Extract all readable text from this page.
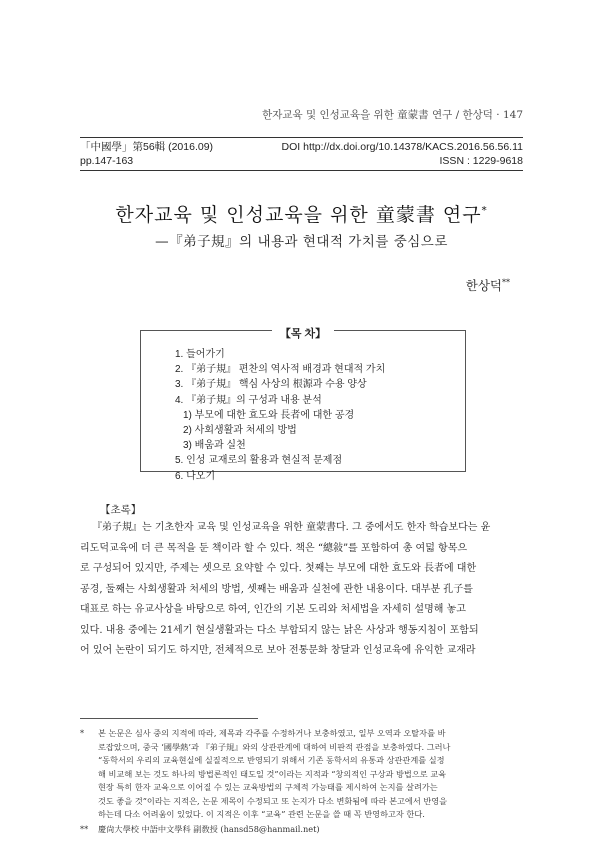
한자교육 및 인성교육을 위한 童蒙書 연구 / 한상덕 · 147
「中國學」第56輯 (2016.09)	DOI http://dx.doi.org/10.14378/KACS.2016.56.56.11
pp.147-163	ISSN : 1229-9618
한자교육 및 인성교육을 위한 童蒙書 연구*
—『弟子規』의 내용과 현대적 가치를 중심으로
한상덕**
【목 차】
1. 들어가기
2. 『弟子規』 편찬의 역사적 배경과 현대적 가치
3. 『弟子規』 핵심 사상의 根源과 수용 양상
4. 『弟子規』의 구성과 내용 분석
1) 부모에 대한 효도와 長者에 대한 공경
2) 사회생활과 처세의 방법
3) 배움과 실천
5. 인성 교재로의 활용과 현실적 문제점
6. 나오기
【초록】
『弟子規』는 기초한자 교육 및 인성교육을 위한 童蒙書다. 그 중에서도 한자 학습보다는 윤
리도덕교육에 더 큰 목적을 둔 책이라 할 수 있다. 책은 “總敍”를 포함하여 총 여덟 항목으
로 구성되어 있지만, 주제는 셋으로 요약할 수 있다. 첫째는 부모에 대한 효도와 長者에 대한
공경, 둘째는 사회생활과 처세의 방법, 셋째는 배움과 실천에 관한 내용이다. 대부분 孔子를
대표로 하는 유교사상을 바탕으로 하여, 인간의 기본 도리와 처세법을 자세히 설명해 놓고
있다. 내용 중에는 21세기 현실생활과는 다소 부합되지 않는 낡은 사상과 행동지침이 포함되
어 있어 논란이 되기도 하지만, 전체적으로 보아 전통문화 창달과 인성교육에 유익한 교재라
* 본 논문은 심사 중의 지적에 따라, 제목과 각주를 수정하거나 보충하였고, 일부 오역과 오탈자를 바
로잡았으며, 중국 ‘國學熱’과 『弟子規』와의 상관관계에 대하여 비판적 관점을 보충하였다. 그러나
“동학서의 우리의 교육현실에 실질적으로 반영되기 위해서 기존 동학서의 유통과 상관관계를 실정
해 비교해 보는 것도 하나의 방법론적인 태도일 것”이라는 지적과 “창의적인 구상과 방법으로 교육
현장 특히 한자 교육으로 이어질 수 있는 교육방법의 구체적 가능태를 제시하여 논지를 살려가는
것도 좋을 것”이라는 지적은, 논문 제목이 수정되고 또 논지가 다소 변화됨에 따라 본고에서 반영을
하는데 다소 어려움이 있었다. 이 지적은 이후 “교육” 관련 논문을 쓸 때 꼭 반영하고자 한다.
** 慶尙大學校 中語中文學科 副敎授 (hansd58@hanmail.net)
